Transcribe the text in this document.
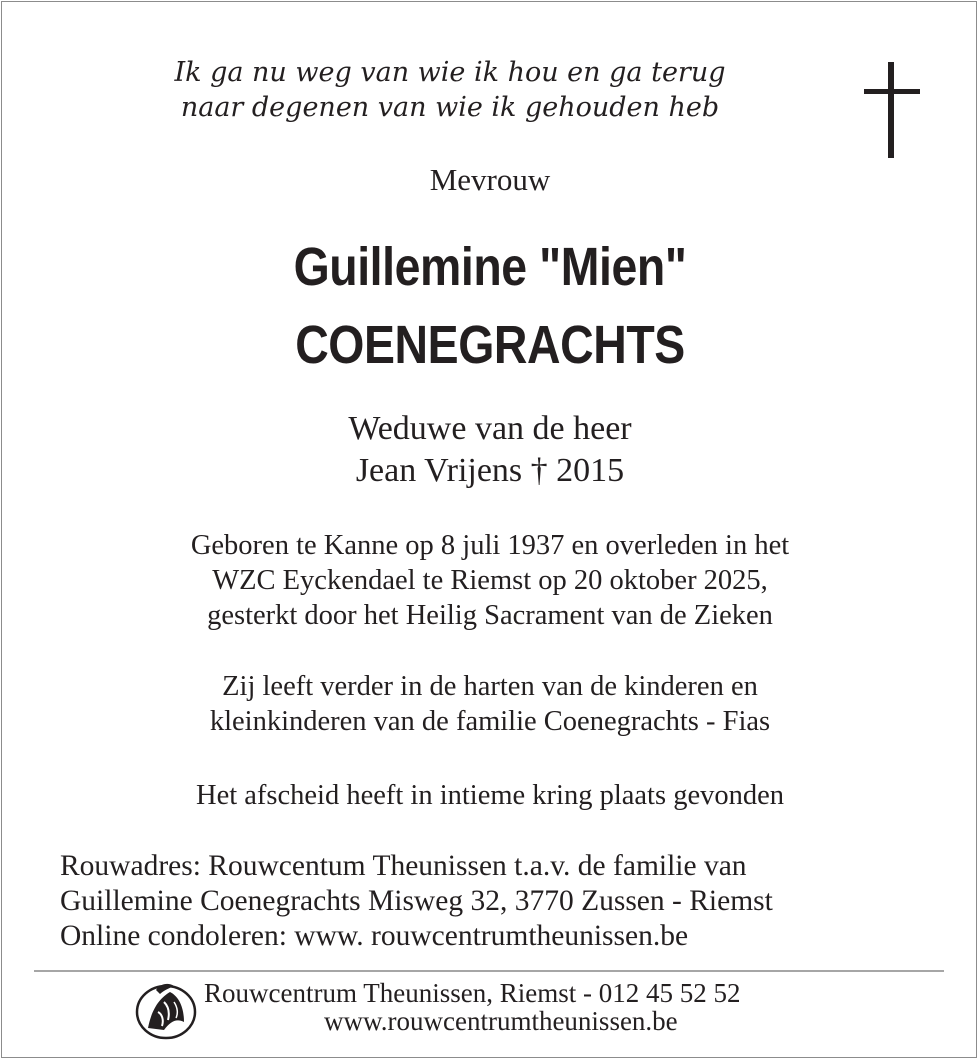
Ik ga nu weg van wie ik hou en ga terug
naar degenen van wie ik gehouden heb
Mevrouw
Guillemine "Mien"
COENEGRACHTS
Weduwe van de heer
Jean Vrijens † 2015
Geboren te Kanne op 8 juli 1937 en overleden in het
WZC Eyckendael te Riemst op 20 oktober 2025,
gesterkt door het Heilig Sacrament van de Zieken
Zij leeft verder in de harten van de kinderen en
kleinkinderen van de familie Coenegrachts - Fias
Het afscheid heeft in intieme kring plaats gevonden
Rouwadres: Rouwcentum Theunissen t.a.v. de familie van
Guillemine Coenegrachts Misweg 32, 3770 Zussen - Riemst
Online condoleren: www. rouwcentrumtheunissen.be
Rouwcentrum Theunissen, Riemst - 012 45 52 52
www.rouwcentrumtheunissen.be
